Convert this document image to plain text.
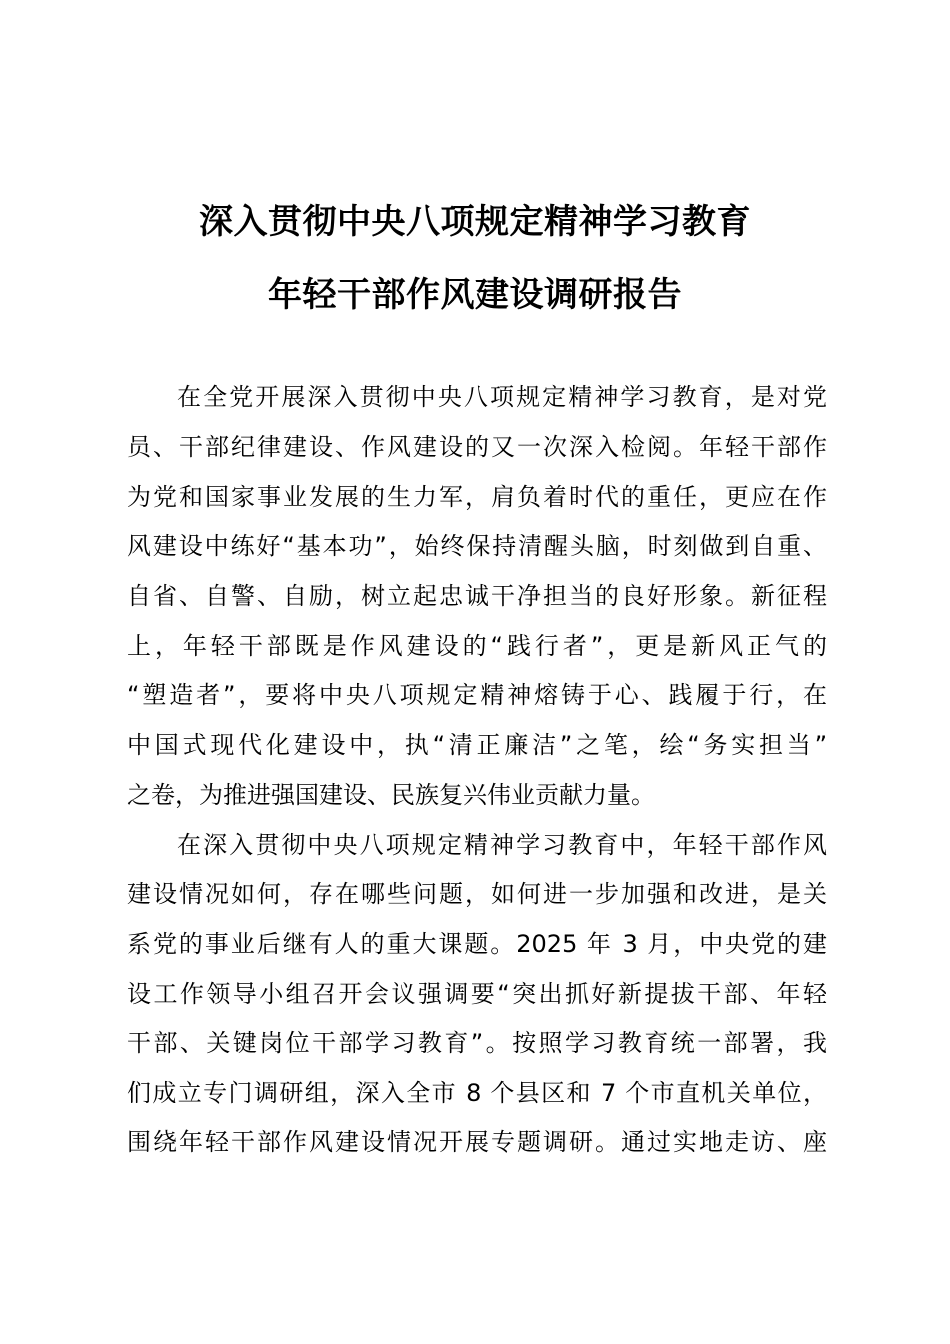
深入贯彻中央八项规定精神学习教育
年轻干部作风建设调研报告
在全党开展深入贯彻中央八项规定精神学习教育，是对党
员、干部纪律建设、作风建设的又一次深入检阅。年轻干部作
为党和国家事业发展的生力军，肩负着时代的重任，更应在作
风建设中练好“基本功”，始终保持清醒头脑，时刻做到自重、
自省、自警、自励，树立起忠诚干净担当的良好形象。新征程
上，年轻干部既是作风建设的“践行者”，更是新风正气的
“塑造者”，要将中央八项规定精神熔铸于心、践履于行，在
中国式现代化建设中，执“清正廉洁”之笔，绘“务实担当”
之卷，为推进强国建设、民族复兴伟业贡献力量。
在深入贯彻中央八项规定精神学习教育中，年轻干部作风
建设情况如何，存在哪些问题，如何进一步加强和改进，是关
系党的事业后继有人的重大课题。2025 年 3 月，中央党的建
设工作领导小组召开会议强调要“突出抓好新提拔干部、年轻
干部、关键岗位干部学习教育”。按照学习教育统一部署，我
们成立专门调研组，深入全市 8 个县区和 7 个市直机关单位，
围绕年轻干部作风建设情况开展专题调研。通过实地走访、座
